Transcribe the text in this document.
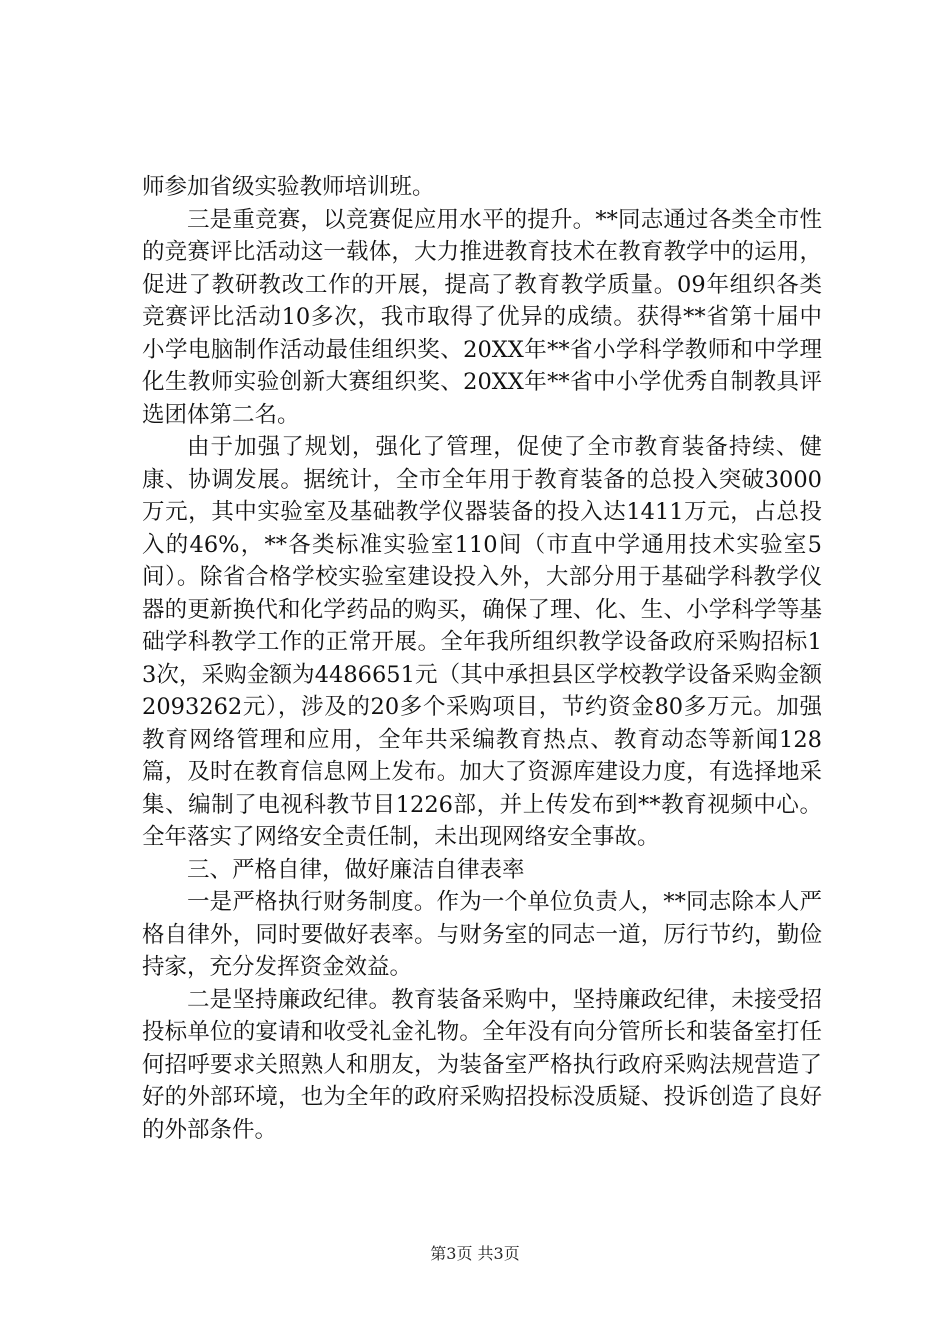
师参加省级实验教师培训班。

三是重竞赛，以竞赛促应用水平的提升。**同志通过各类全市性的竞赛评比活动这一载体，大力推进教育技术在教育教学中的运用，促进了教研教改工作的开展，提高了教育教学质量。09年组织各类竞赛评比活动10多次，我市取得了优异的成绩。获得**省第十届中小学电脑制作活动最佳组织奖、20XX年**省小学科学教师和中学理化生教师实验创新大赛组织奖、20XX年**省中小学优秀自制教具评选团体第二名。

由于加强了规划，强化了管理，促使了全市教育装备持续、健康、协调发展。据统计，全市全年用于教育装备的总投入突破3000万元，其中实验室及基础教学仪器装备的投入达1411万元，占总投入的46%，**各类标准实验室110间（市直中学通用技术实验室5间）。除省合格学校实验室建设投入外，大部分用于基础学科教学仪器的更新换代和化学药品的购买，确保了理、化、生、小学科学等基础学科教学工作的正常开展。全年我所组织教学设备政府采购招标13次，采购金额为4486651元（其中承担县区学校教学设备采购金额2093262元），涉及的20多个采购项目，节约资金80多万元。加强教育网络管理和应用，全年共采编教育热点、教育动态等新闻128篇，及时在教育信息网上发布。加大了资源库建设力度，有选择地采集、编制了电视科教节目1226部，并上传发布到**教育视频中心。全年落实了网络安全责任制，未出现网络安全事故。

三、严格自律，做好廉洁自律表率

一是严格执行财务制度。作为一个单位负责人，**同志除本人严格自律外，同时要做好表率。与财务室的同志一道，厉行节约，勤俭持家，充分发挥资金效益。

二是坚持廉政纪律。教育装备采购中，坚持廉政纪律，未接受招投标单位的宴请和收受礼金礼物。全年没有向分管所长和装备室打任何招呼要求关照熟人和朋友，为装备室严格执行政府采购法规营造了好的外部环境，也为全年的政府采购招投标没质疑、投诉创造了良好的外部条件。

第3页 共3页
